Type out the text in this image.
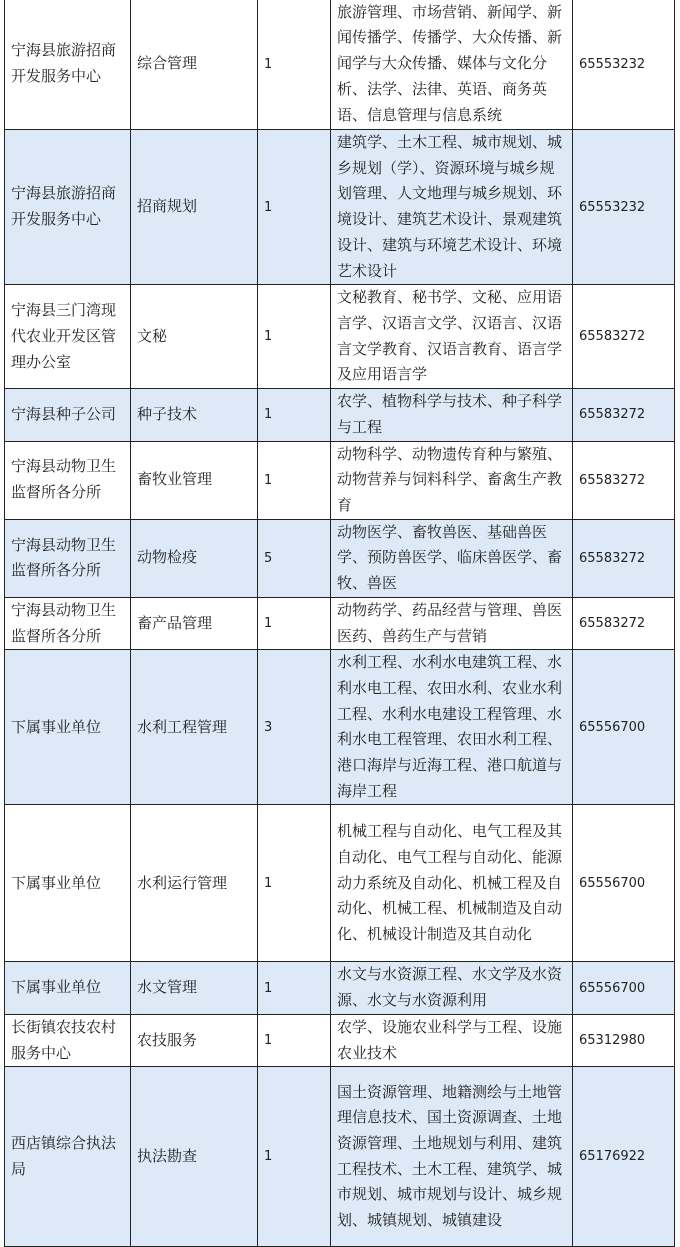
宁海县旅游招商开发服务中心	综合管理	1	旅游管理、市场营销、新闻学、新闻传播学、传播学、大众传播、新闻学与大众传播、媒体与文化分析、法学、法律、英语、商务英语、信息管理与信息系统	65553232
宁海县旅游招商开发服务中心	招商规划	1	建筑学、土木工程、城市规划、城乡规划（学）、资源环境与城乡规划管理、人文地理与城乡规划、环境设计、建筑艺术设计、景观建筑设计、建筑与环境艺术设计、环境艺术设计	65553232
宁海县三门湾现代农业开发区管理办公室	文秘	1	文秘教育、秘书学、文秘、应用语言学、汉语言文学、汉语言、汉语言文学教育、汉语言教育、语言学及应用语言学	65583272
宁海县种子公司	种子技术	1	农学、植物科学与技术、种子科学与工程	65583272
宁海县动物卫生监督所各分所	畜牧业管理	1	动物科学、动物遗传育种与繁殖、动物营养与饲料科学、畜禽生产教育	65583272
宁海县动物卫生监督所各分所	动物检疫	5	动物医学、畜牧兽医、基础兽医学、预防兽医学、临床兽医学、畜牧、兽医	65583272
宁海县动物卫生监督所各分所	畜产品管理	1	动物药学、药品经营与管理、兽医医药、兽药生产与营销	65583272
下属事业单位	水利工程管理	3	水利工程、水利水电建筑工程、水利水电工程、农田水利、农业水利工程、水利水电建设工程管理、水利水电工程管理、农田水利工程、港口海岸与近海工程、港口航道与海岸工程	65556700
下属事业单位	水利运行管理	1	机械工程与自动化、电气工程及其自动化、电气工程与自动化、能源动力系统及自动化、机械工程及自动化、机械工程、机械制造及自动化、机械设计制造及其自动化	65556700
下属事业单位	水文管理	1	水文与水资源工程、水文学及水资源、水文与水资源利用	65556700
长街镇农技农村服务中心	农技服务	1	农学、设施农业科学与工程、设施农业技术	65312980
西店镇综合执法局	执法勘查	1	国土资源管理、地籍测绘与土地管理信息技术、国土资源调查、土地资源管理、土地规划与利用、建筑工程技术、土木工程、建筑学、城市规划、城市规划与设计、城乡规划、城镇规划、城镇建设	65176922
